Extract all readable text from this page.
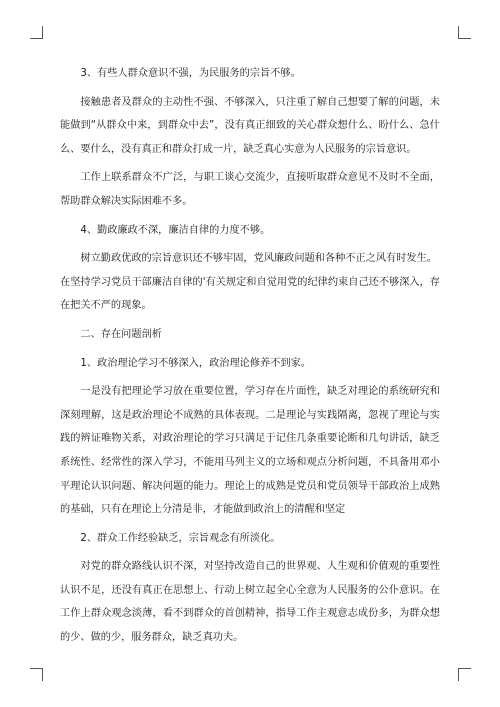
3、有些人群众意识不强，为民服务的宗旨不够。

接触患者及群众的主动性不强、不够深入，只注重了解自己想要了解的问题，未能做到“从群众中来，到群众中去”，没有真正细致的关心群众想什么、盼什么、急什么、要什么，没有真正和群众打成一片，缺乏真心实意为人民服务的宗旨意识。

工作上联系群众不广泛，与职工谈心交流少，直接听取群众意见不及时不全面，帮助群众解决实际困难不多。

4、勤政廉政不深，廉洁自律的力度不够。

树立勤政优政的宗旨意识还不够牢固，党风廉政问题和各种不正之风有时发生。

在坚持学习党员干部廉洁自律的'有关规定和自觉用党的纪律约束自己还不够深入，存在把关不严的现象。

二、存在问题剖析

1、政治理论学习不够深入，政治理论修养不到家。

一是没有把理论学习放在重要位置，学习存在片面性，缺乏对理论的系统研究和深刻理解，这是政治理论不成熟的具体表现。二是理论与实践隔离，忽视了理论与实践的辨证唯物关系，对政治理论的学习只满足于记住几条重要论断和几句讲话，缺乏系统性、经常性的深入学习，不能用马列主义的立场和观点分析问题，不具备用邓小平理论认识问题、解决问题的能力。理论上的成熟是党员和党员领导干部政治上成熟的基础，只有在理论上分清是非，才能做到政治上的清醒和坚定

2、群众工作经验缺乏，宗旨观念有所淡化。

对党的群众路线认识不深，对坚持改造自己的世界观、人生观和价值观的重要性认识不足，还没有真正在思想上、行动上树立起全心全意为人民服务的公仆意识。在工作上群众观念淡薄，看不到群众的首创精神，指导工作主观意志成份多，为群众想的少、做的少，服务群众，缺乏真功夫。
